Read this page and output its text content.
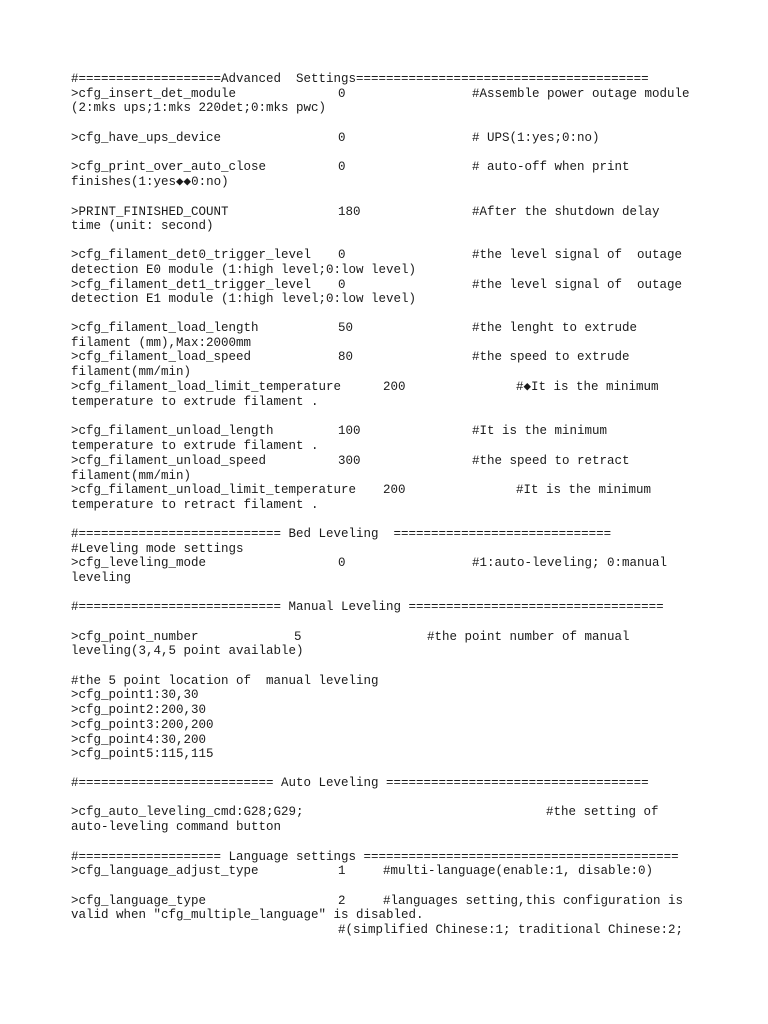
#===================Advanced  Settings=======================================

>cfg_insert_det_module

	0

	#Assemble power outage module

(2:mks ups;1:mks 220det;0:mks pwc)

>cfg_have_ups_device

	0

	# UPS(1:yes;0:no)

>cfg_print_over_auto_close

	0

	# auto-off when print

finishes(1:yes◆◆0:no)

>PRINT_FINISHED_COUNT

	180

	#After the shutdown delay

time (unit: second)

>cfg_filament_det0_trigger_level

0

	#the level signal of  outage

detection E0 module (1:high level;0:low level)

>cfg_filament_det1_trigger_level

0

	#the level signal of  outage

detection E1 module (1:high level;0:low level)

>cfg_filament_load_length

	50

	#the lenght to extrude

filament (mm),Max:2000mm

>cfg_filament_load_speed

	80

	#the speed to extrude

filament(mm/min)

>cfg_filament_load_limit_temperature

	200

	#◆It is the minimum

temperature to extrude filament .

>cfg_filament_unload_length

	100

	#It is the minimum

temperature to extrude filament .

>cfg_filament_unload_speed

	300

	#the speed to retract

filament(mm/min)

>cfg_filament_unload_limit_temperature

200

	#It is the minimum

temperature to retract filament .
#=========================== Bed Leveling  =============================
#Leveling mode settings

>cfg_leveling_mode

	0

	#1:auto-leveling; 0:manual

leveling
#=========================== Manual Leveling ==================================

>cfg_point_number

	5

	#the point number of manual

leveling(3,4,5 point available)
#the 5 point location of  manual leveling
>cfg_point1:30,30
>cfg_point2:200,30
>cfg_point3:200,200
>cfg_point4:30,200
>cfg_point5:115,115
#========================== Auto Leveling ===================================

>cfg_auto_leveling_cmd:G28;G29;

	#the setting of

auto-leveling command button
#=================== Language settings ==========================================

>cfg_language_adjust_type

	1

	#multi-language(enable:1, disable:0)

>cfg_language_type

	2

	#languages setting,this configuration is

valid when "cfg_multiple_language" is disabled.
#(simplified Chinese:1; traditional Chinese:2;
